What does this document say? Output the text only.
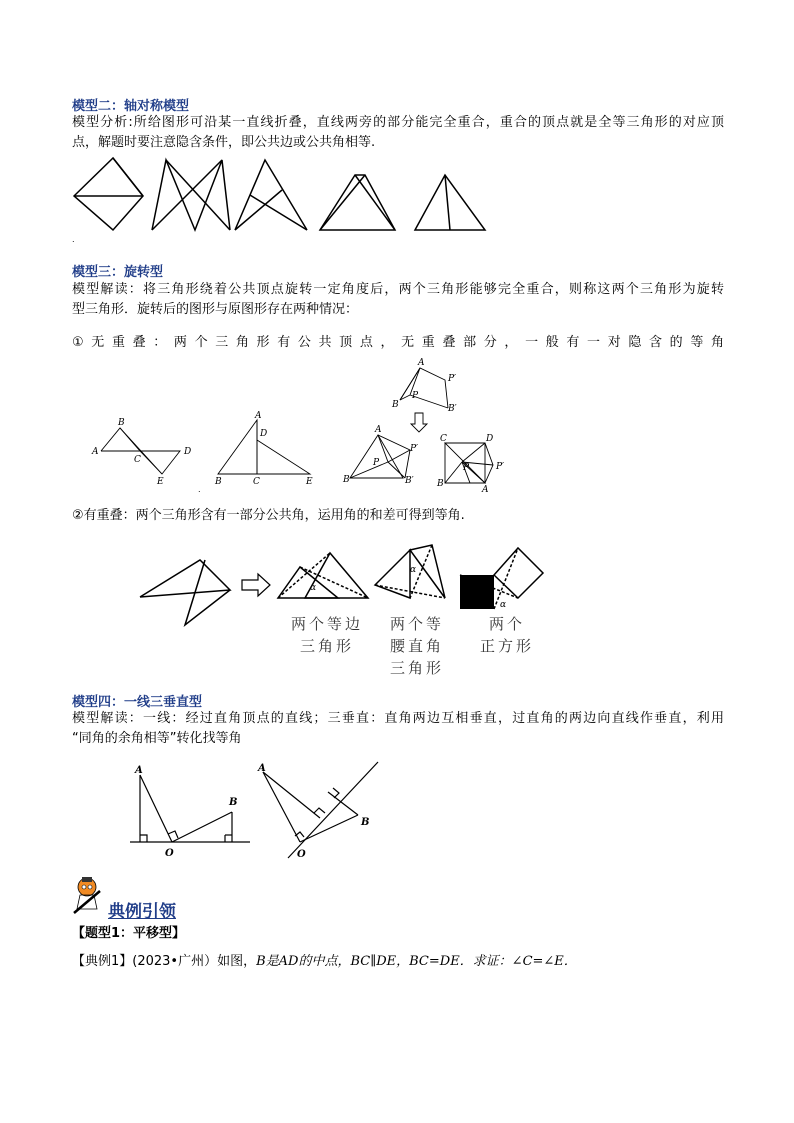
模型二：轴对称模型
模型分析:所给图形可沿某一直线折叠，直线两旁的部分能完全重合，重合的顶点就是全等三角形的对应顶
点，解题时要注意隐含条件，即公共边或公共角相等.
.
模型三：旋转型
模型解读：将三角形绕着公共顶点旋转一定角度后，两个三角形能够完全重合，则称这两个三角形为旋转
型三角形．旋转后的图形与原图形存在两种情况：
①无重叠：两个三角形有公共顶点，无重叠部分，一般有一对隐含的等角
B
A
C
D
E
A
D
B	C	E
A
P′
P
B	B′
A
P′
P
B	B′
C	D
P	P′
B
A
.
②有重叠：两个三角形含有一部分公共角，运用角的和差可得到等角.
α
α
α
两个等边
三角形
两个等
腰直角
三角形
两个
正方形
模型四：一线三垂直型
模型解读：一线：经过直角顶点的直线；三垂直：直角两边互相垂直，过直角的两边向直线作垂直，利用
“同角的余角相等”转化找等角
A
B
O
A
B
O
典例引领
【题型1：平移型】
【典例1】(2023•广州）如图，B是AD的中点，BC∥DE，BC=DE．求证：∠C=∠E．
